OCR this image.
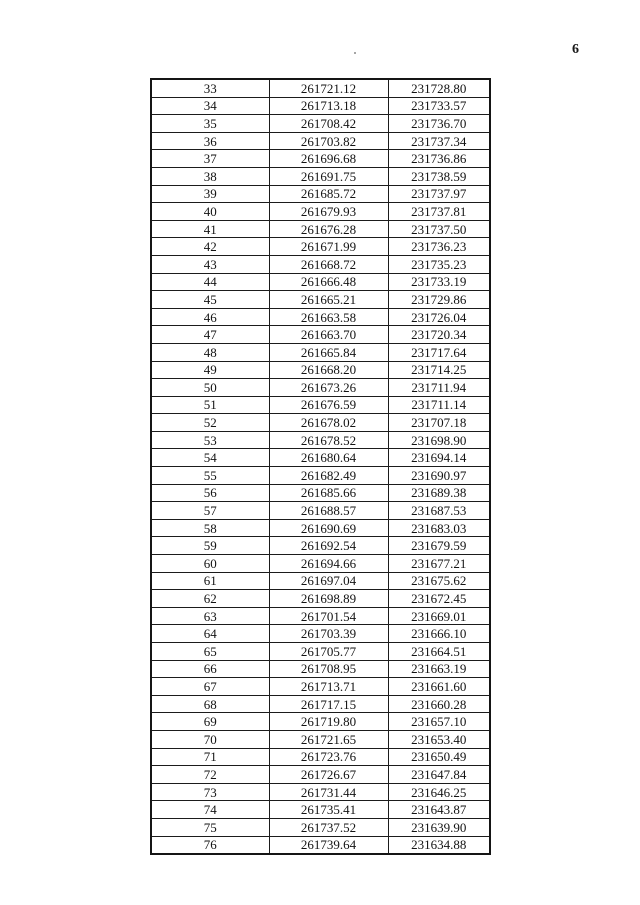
6
33	261721.12	231728.80
34	261713.18	231733.57
35	261708.42	231736.70
36	261703.82	231737.34
37	261696.68	231736.86
38	261691.75	231738.59
39	261685.72	231737.97
40	261679.93	231737.81
41	261676.28	231737.50
42	261671.99	231736.23
43	261668.72	231735.23
44	261666.48	231733.19
45	261665.21	231729.86
46	261663.58	231726.04
47	261663.70	231720.34
48	261665.84	231717.64
49	261668.20	231714.25
50	261673.26	231711.94
51	261676.59	231711.14
52	261678.02	231707.18
53	261678.52	231698.90
54	261680.64	231694.14
55	261682.49	231690.97
56	261685.66	231689.38
57	261688.57	231687.53
58	261690.69	231683.03
59	261692.54	231679.59
60	261694.66	231677.21
61	261697.04	231675.62
62	261698.89	231672.45
63	261701.54	231669.01
64	261703.39	231666.10
65	261705.77	231664.51
66	261708.95	231663.19
67	261713.71	231661.60
68	261717.15	231660.28
69	261719.80	231657.10
70	261721.65	231653.40
71	261723.76	231650.49
72	261726.67	231647.84
73	261731.44	231646.25
74	261735.41	231643.87
75	261737.52	231639.90
76	261739.64	231634.88
